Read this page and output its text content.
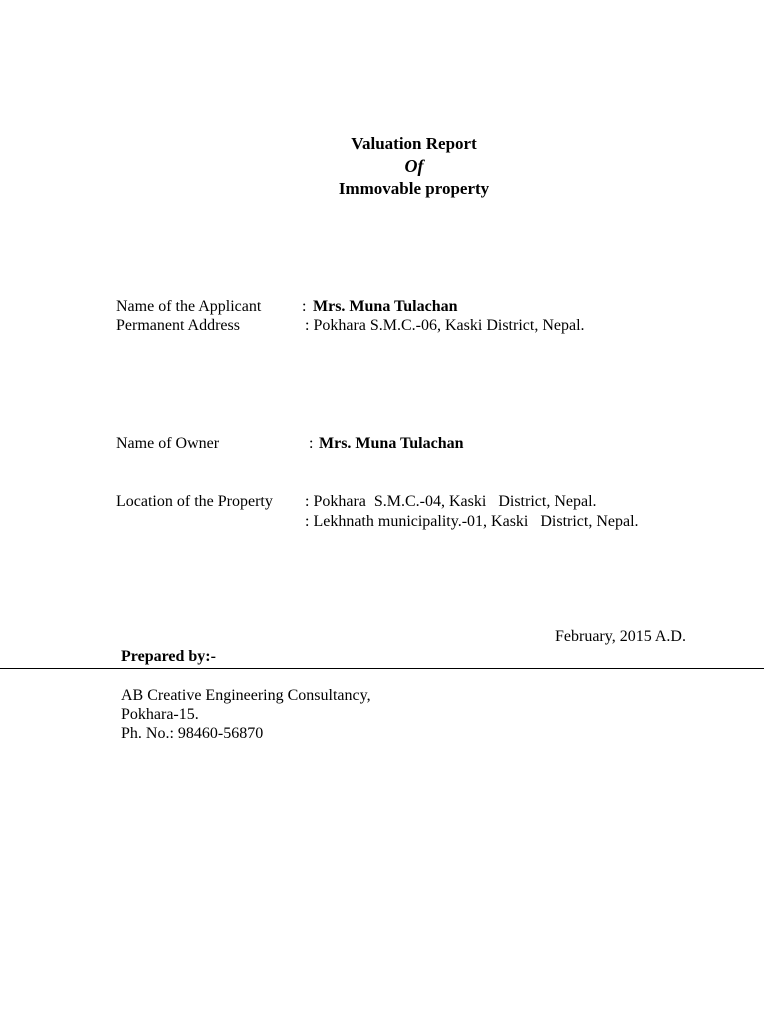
Valuation Report
Of
Immovable property
Name of the Applicant	: Mrs. Muna Tulachan
Permanent Address	: Pokhara S.M.C.-06, Kaski District, Nepal.
Name of Owner	: Mrs. Muna Tulachan
Location of the Property : Pokhara  S.M.C.-04, Kaski   District, Nepal.
: Lekhnath municipality.-01, Kaski   District, Nepal.
February, 2015 A.D.
Prepared by:-
AB Creative Engineering Consultancy,
Pokhara-15.
Ph. No.: 98460-56870
